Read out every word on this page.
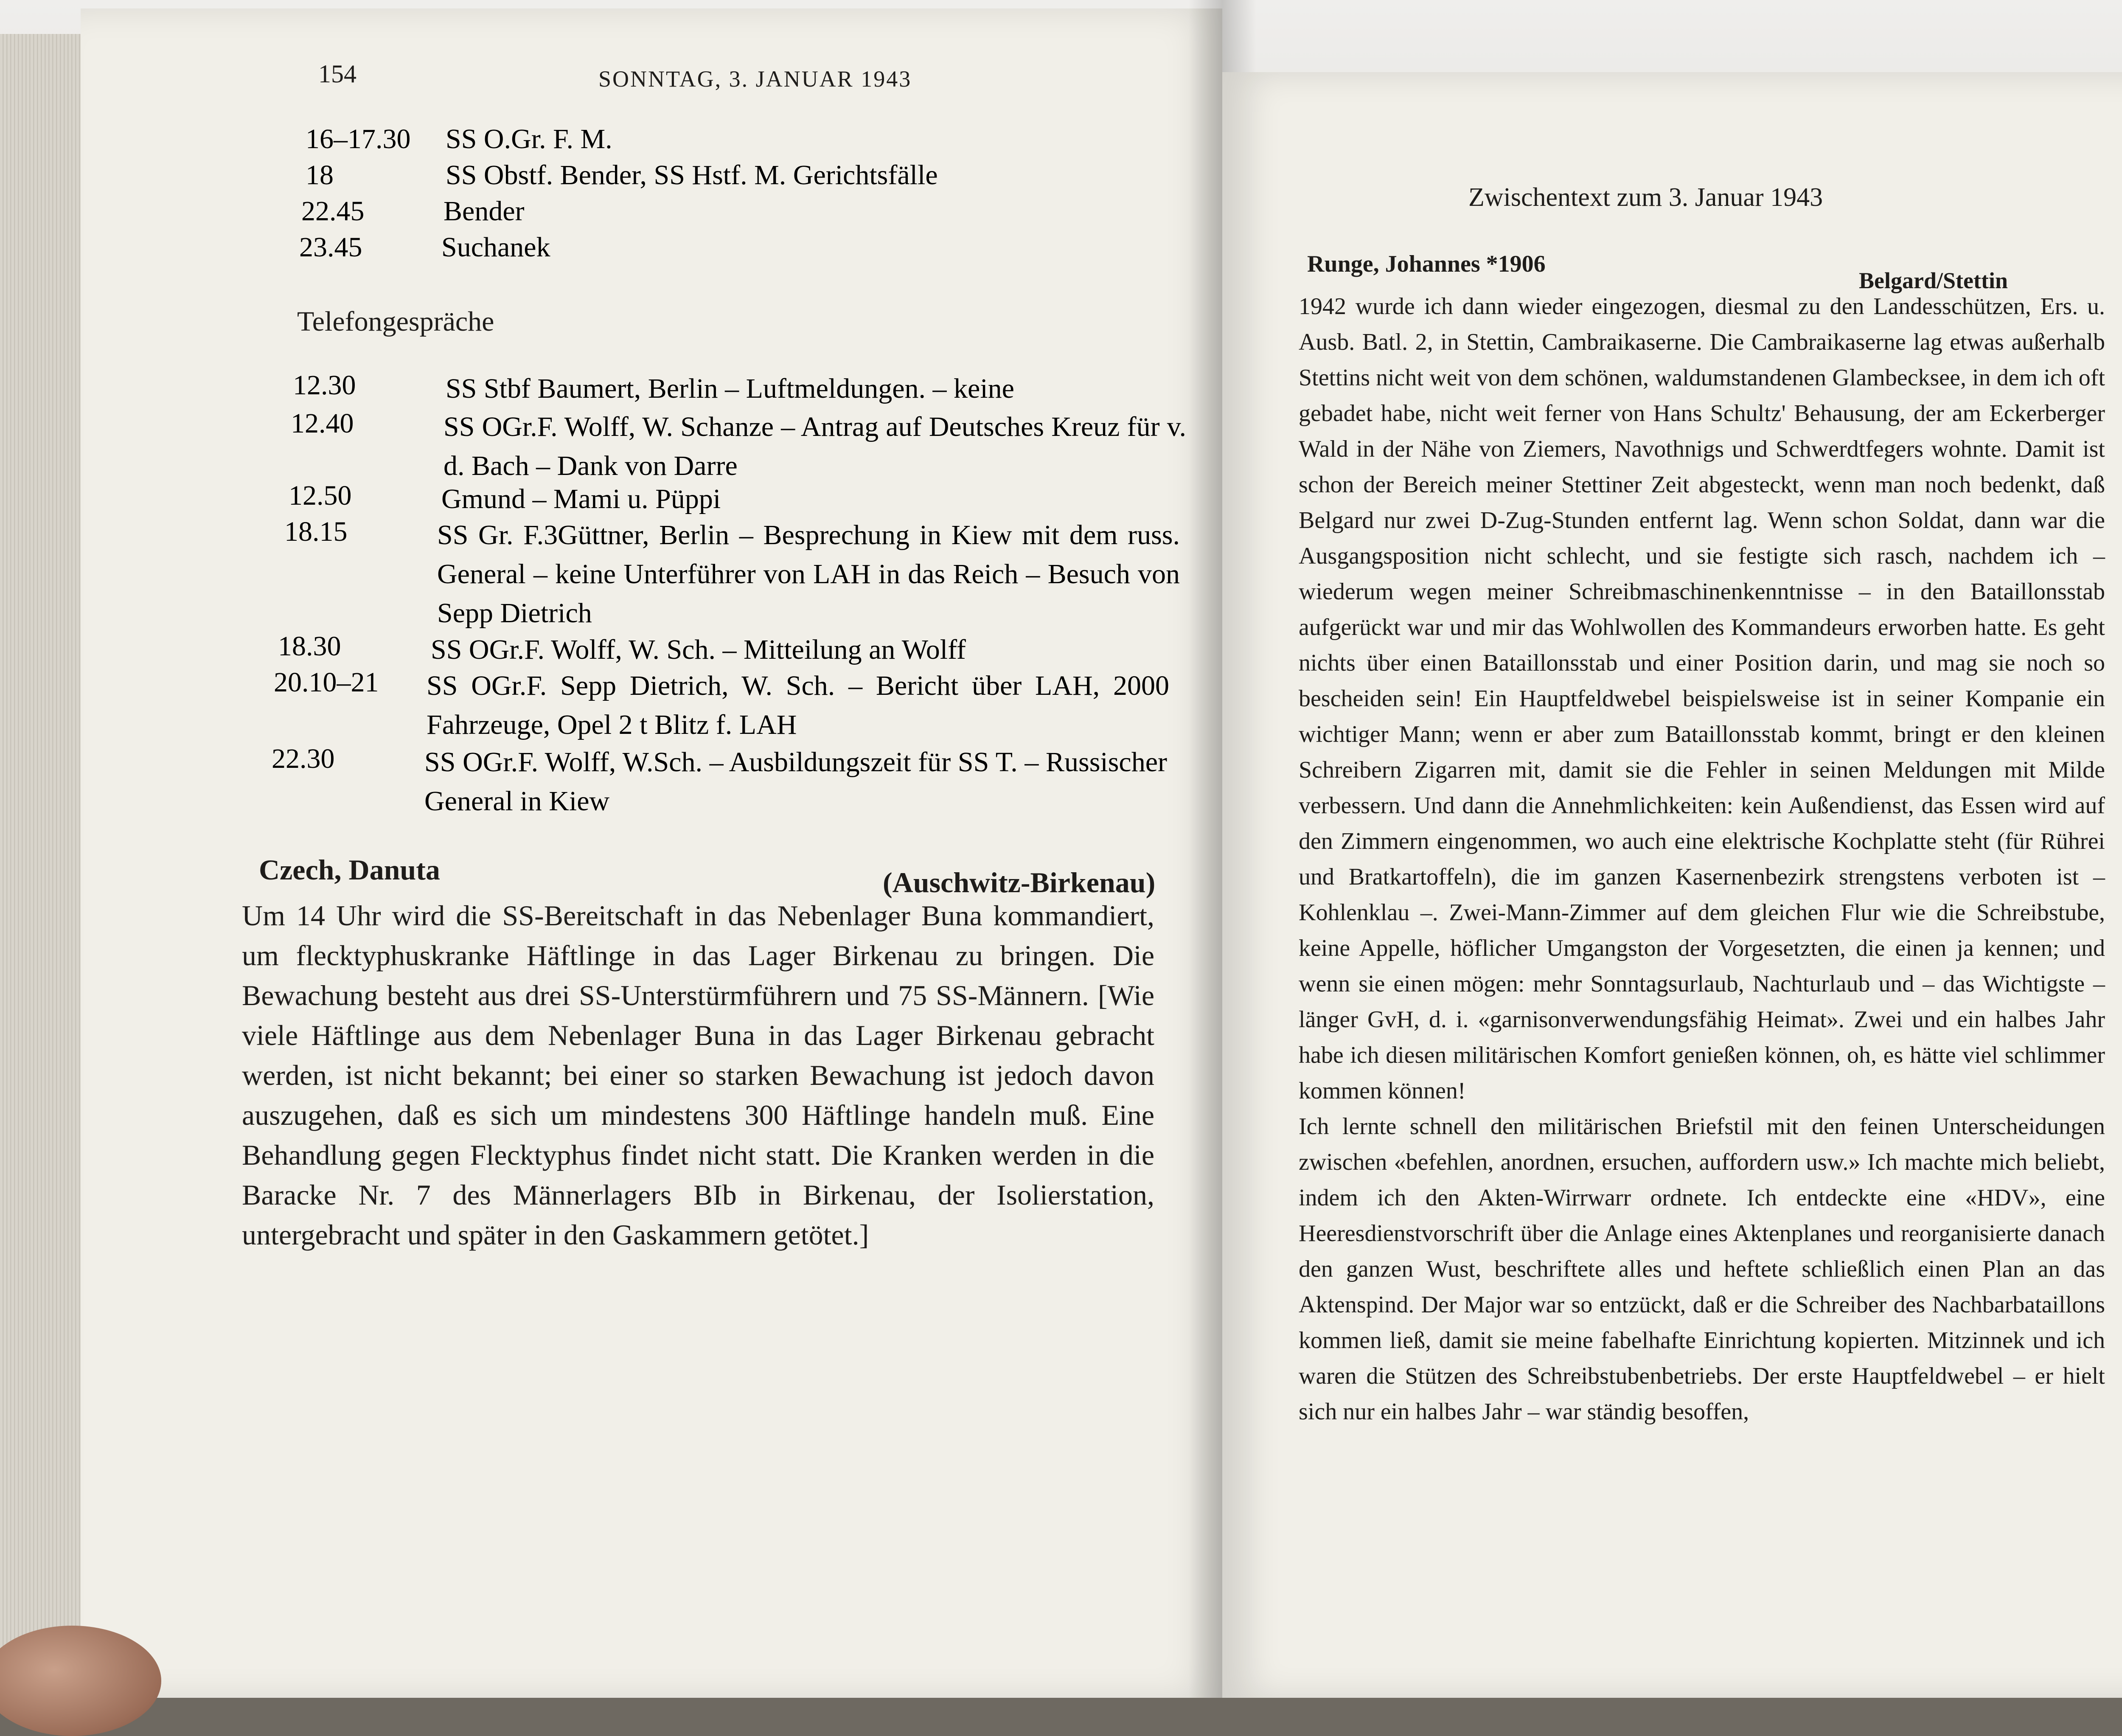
154	SONNTAG, 3. JANUAR 1943
16–17.30 SS O.Gr. F. M.
18	SS Obstf. Bender, SS Hstf. M. Gerichtsfälle
22.45	Bender
23.45	Suchanek
Telefongespräche
12.30	SS Stbf Baumert, Berlin – Luftmeldungen. – keine
12.40	SS OGr.F. Wolff, W. Schanze – Antrag auf Deutsches Kreuz für v. d. Bach – Dank von Darre
12.50	Gmund – Mami u. Püppi
18.15	SS Gr. F.3Güttner, Berlin – Besprechung in Kiew mit dem russ. General – keine Unterführer von LAH in das Reich – Besuch von Sepp Dietrich
18.30	SS OGr.F. Wolff, W. Sch. – Mitteilung an Wolff
20.10–21 SS OGr.F. Sepp Dietrich, W. Sch. – Bericht über LAH, 2000 Fahrzeuge, Opel 2 t Blitz f. LAH
22.30	SS OGr.F. Wolff, W.Sch. – Ausbildungszeit für SS T. – Russischer General in Kiew
Czech, Danuta	(Auschwitz-Birkenau)
Um 14 Uhr wird die SS-Bereitschaft in das Nebenlager Buna kommandiert, um flecktyphuskranke Häftlinge in das Lager Birkenau zu bringen. Die Bewachung besteht aus drei SS-Unterstürmführern und 75 SS-Männern. [Wie viele Häftlinge aus dem Nebenlager Buna in das Lager Birkenau gebracht werden, ist nicht bekannt; bei einer so starken Bewachung ist jedoch davon auszugehen, daß es sich um mindestens 300 Häftlinge handeln muß. Eine Behandlung gegen Flecktyphus findet nicht statt. Die Kranken werden in die Baracke Nr. 7 des Männerlagers BIb in Birkenau, der Isolierstation, untergebracht und später in den Gaskammern getötet.]
Zwischentext zum 3. Januar 1943
Runge, Johannes *1906
Belgard/Stettin

1942 wurde ich dann wieder eingezogen, diesmal zu den Landesschützen, Ers. u. Ausb. Batl. 2, in Stettin, Cambraikaserne. Die Cambraikaserne lag etwas außerhalb Stettins nicht weit von dem schönen, waldumstandenen Glambecksee, in dem ich oft gebadet habe, nicht weit ferner von Hans Schultz' Behausung, der am Eckerberger Wald in der Nähe von Ziemers, Navothnigs und Schwerdtfegers wohnte. Damit ist schon der Bereich meiner Stettiner Zeit abgesteckt, wenn man noch bedenkt, daß Belgard nur zwei D-Zug-Stunden entfernt lag. Wenn schon Soldat, dann war die Ausgangsposition nicht schlecht, und sie festigte sich rasch, nachdem ich – wiederum wegen meiner Schreibmaschinenkenntnisse – in den Bataillonsstab aufgerückt war und mir das Wohlwollen des Kommandeurs erworben hatte. Es geht nichts über einen Bataillonsstab und einer Position darin, und mag sie noch so bescheiden sein! Ein Hauptfeldwebel beispielsweise ist in seiner Kompanie ein wichtiger Mann; wenn er aber zum Bataillonsstab kommt, bringt er den kleinen Schreibern Zigarren mit, damit sie die Fehler in seinen Meldungen mit Milde verbessern. Und dann die Annehmlichkeiten: kein Außendienst, das Essen wird auf den Zimmern eingenommen, wo auch eine elektrische Kochplatte steht (für Rührei und Bratkartoffeln), die im ganzen Kasernenbezirk strengstens verboten ist – Kohlenklau –. Zwei-Mann-Zimmer auf dem gleichen Flur wie die Schreibstube, keine Appelle, höflicher Umgangston der Vorgesetzten, die einen ja kennen; und wenn sie einen mögen: mehr Sonntagsurlaub, Nachturlaub und – das Wichtigste – länger GvH, d. i. «garnisonverwendungsfähig Heimat». Zwei und ein halbes Jahr habe ich diesen militärischen Komfort genießen können, oh, es hätte viel schlimmer kommen können!

Ich lernte schnell den militärischen Briefstil mit den feinen Unterscheidungen zwischen «befehlen, anordnen, ersuchen, auffordern usw.» Ich machte mich beliebt, indem ich den Akten-Wirrwarr ordnete. Ich entdeckte eine «HDV», eine Heeresdienstvorschrift über die Anlage eines Aktenplanes und reorganisierte danach den ganzen Wust, beschriftete alles und heftete schließlich einen Plan an das Aktenspind. Der Major war so entzückt, daß er die Schreiber des Nachbarbataillons kommen ließ, damit sie meine fabelhafte Einrichtung kopierten. Mitzinnek und ich waren die Stützen des Schreibstubenbetriebs. Der erste Hauptfeldwebel – er hielt sich nur ein halbes Jahr – war ständig besoffen,
